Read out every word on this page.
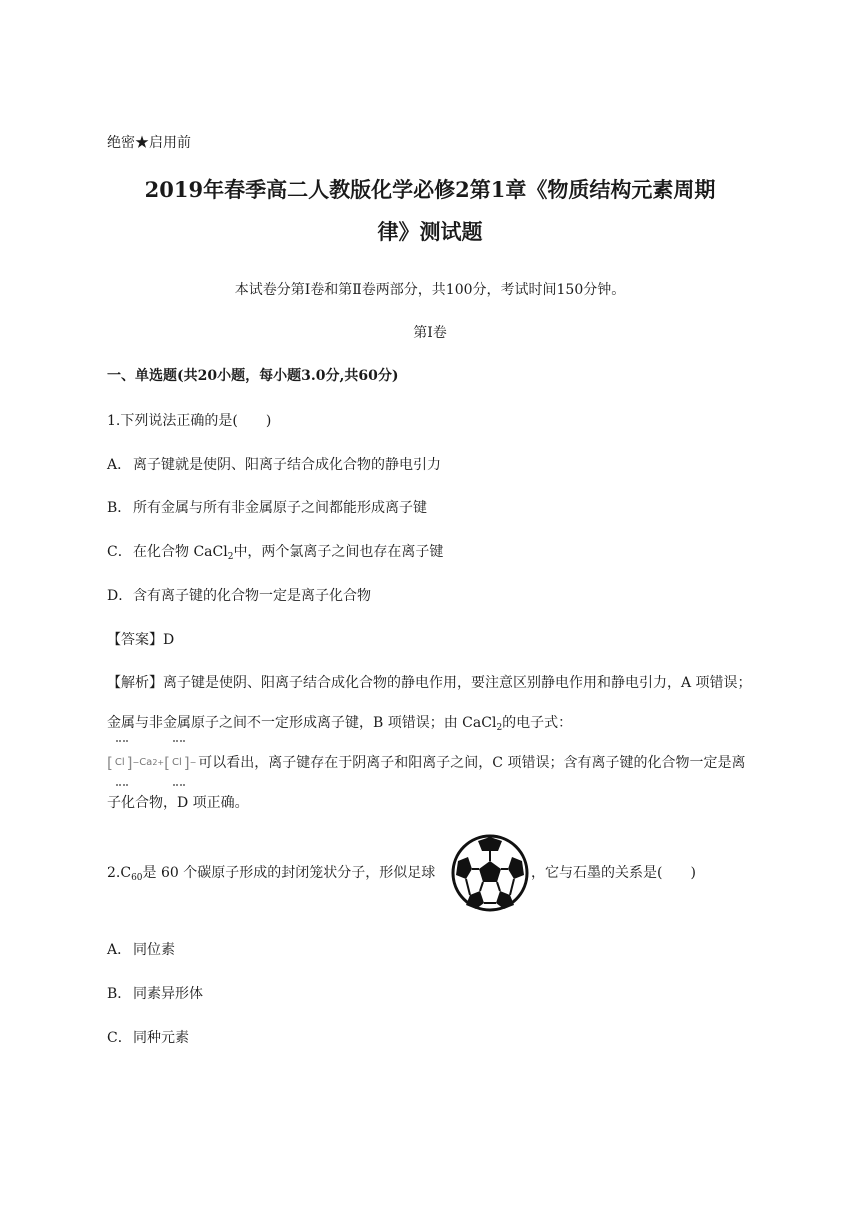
绝密★启用前
2019年春季高二人教版化学必修2第1章《物质结构元素周期
律》测试题
本试卷分第Ⅰ卷和第Ⅱ卷两部分，共100分，考试时间150分钟。
第Ⅰ卷
一、单选题(共20小题，每小题3.0分,共60分)
1.下列说法正确的是(　　)
A． 离子键就是使阴、阳离子结合成化合物的静电引力
B． 所有金属与所有非金属原子之间都能形成离子键
C．在化合物 CaCl$_2$中，两个氯离子之间也存在离子键
D．含有离子键的化合物一定是离子化合物
【答案】D
【解析】离子键是使阴、阳离子结合成化合物的静电作用，要注意区别静电作用和静电引力，A 项错误；金属与非金属原子之间不一定形成离子键，B 项错误；由 CaCl$_2$的电子式：

[ Cl ] − Ca 2+ [ Cl ] − 可以看出，离子键存在于阴离子和阳离子之间，C 项错误；含有离子键的化合物一定是离子化合物，D 项正确。
$2.C_{60}$是 60 个碳原子形成的封闭笼状分子，形似足球	，它与石墨的关系是(　　)
A． 同位素
B． 同素异形体
C．同种元素
